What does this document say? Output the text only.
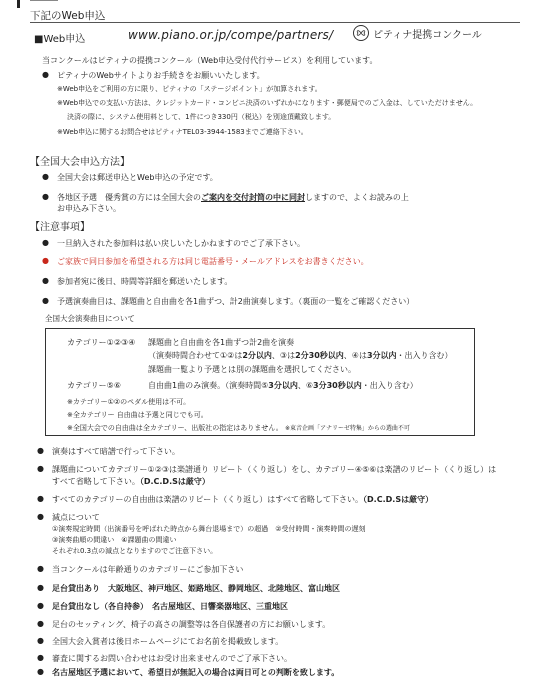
下記のWeb申込
■Web申込	www.piano.or.jp/compe/partners/	ピティナ提携コンクール
当コンクールはピティナの提携コンクール（Web申込受付代行サービス）を利用しています。
● ピティナのWebサイトよりお手続きをお願いいたします。
※Web申込をご利用の方に限り、ピティナの「ステージポイント」が加算されます。
※Web申込での支払い方法は、クレジットカード・コンビニ決済のいずれかになります・郵便局でのご入金は、していただけません。
決済の際に、システム使用料として、1件につき330円（税込）を別途頂戴致します。
※Web申込に関するお問合せはピティナTEL03-3944-1583までご連絡下さい。
【全国大会申込方法】
● 全国大会は郵送申込とWeb申込の予定です。
● 各地区予選　優秀賞の方には全国大会のご案内を交付封筒の中に同封しますので、よくお読みの上
お申込み下さい。
【注意事項】
● 一旦納入された参加料は払い戻しいたしかねますのでご了承下さい。
● ご家族で同日参加を希望される方は同じ電話番号・メールアドレスをお書きください。
● 参加者宛に後日、時間等詳細を郵送いたします。
● 予選演奏曲目は、課題曲と自由曲を各1曲ずつ、計2曲演奏します。（裏面の一覧をご確認ください）
全国大会演奏曲目について
カテゴリー①②③④ 課題曲と自由曲を各1曲ずつ計2曲を演奏
（演奏時間合わせて①②は2分以内、③は2分30秒以内、④は3分以内・出入り含む）
課題曲一覧より予選とは別の課題曲を選択してください。
カテゴリー⑤⑥	自由曲1曲のみ演奏。（演奏時間⑤3分以内、⑥3分30秒以内・出入り含む）
※カテゴリー①②のペダル使用は不可。
※全カテゴリー 自由曲は予選と同じでも可。
※全国大会での自由曲は全カテゴリー、出版社の指定はありません。 ※東音企画「アナリーゼ特集」からの選曲不可
● 演奏はすべて暗譜で行って下さい。
● 課題曲についてカテゴリー①②③は楽譜通り リピート（くり返し）をし、カテゴリー④⑤⑥は楽譜のリピート（くり返し）は
すべて省略して下さい。（D.C.D.Sは厳守）
● すべてのカテゴリーの自由曲は楽譜のリピート（くり返し）はすべて省略して下さい。（D.C.D.Sは厳守）
● 減点について
①演奏規定時間（出演番号を呼ばれた時点から舞台退場まで）の超過　②受付時間・演奏時間の遅刻
③演奏曲順の間違い　④課題曲の間違い
それぞれ0.3点の減点となりますのでご注意下さい。
● 当コンクールは年齢通りのカテゴリーにご参加下さい
● 足台貸出あり　大阪地区、神戸地区、姫路地区、静岡地区、北陸地区、富山地区
● 足台貸出なし（各自持参）　名古屋地区、日響楽器地区、三重地区
● 足台のセッティング、椅子の高さの調整等は各自保護者の方にお願いします。
● 全国大会入賞者は後日ホームページにてお名前を掲載致します。
● 審査に関するお問い合わせはお受け出来ませんのでご了承下さい。
● 名古屋地区予選において、希望日が無記入の場合は両日可との判断を致します。
